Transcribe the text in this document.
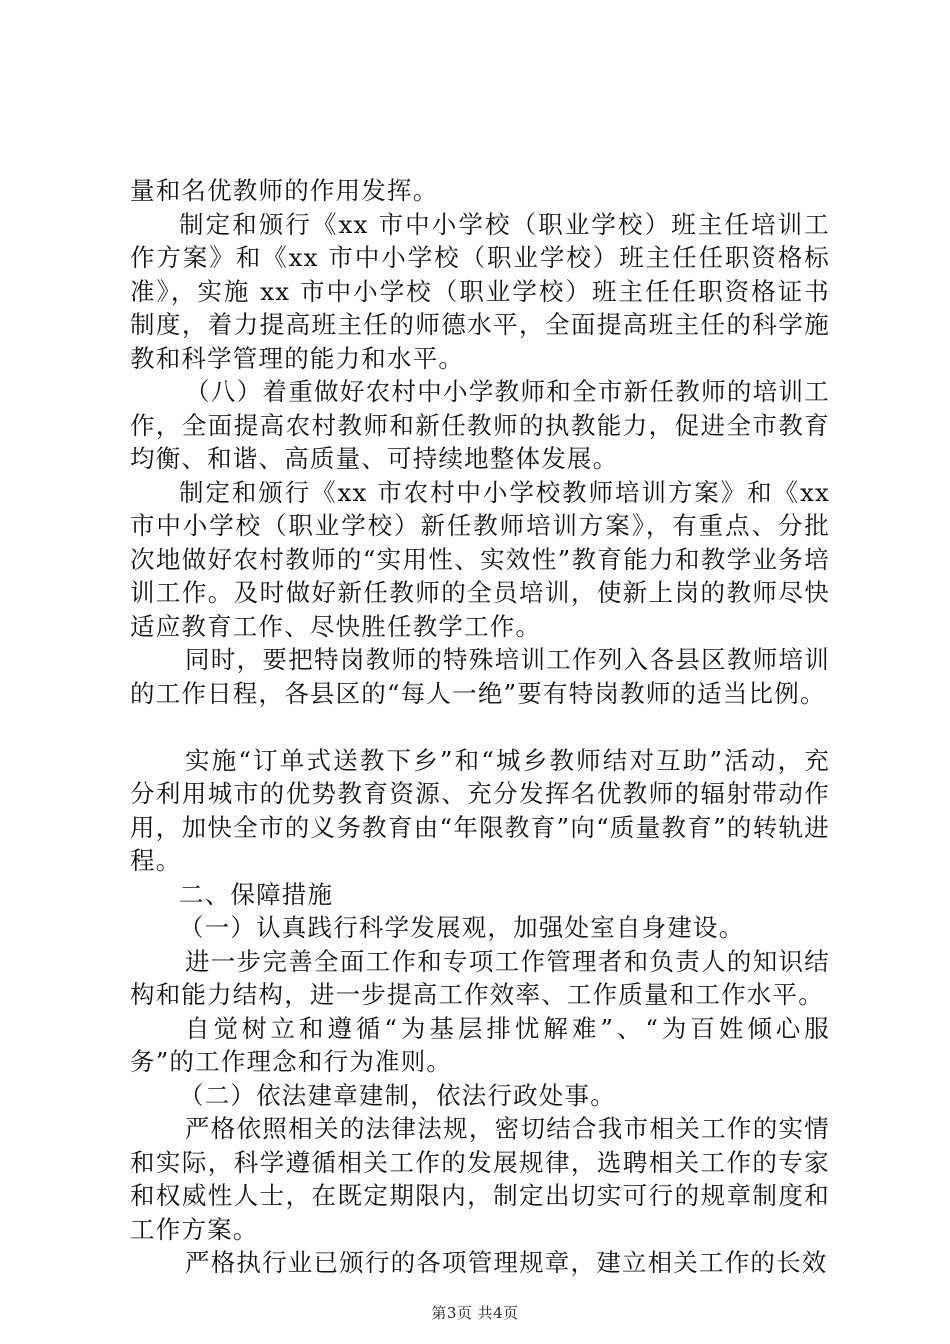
量和名优教师的作用发挥。

制定和颁行《xx 市中小学校（职业学校）班主任培训工作方案》和《xx 市中小学校（职业学校）班主任任职资格标准》，实施 xx 市中小学校（职业学校）班主任任职资格证书制度，着力提高班主任的师德水平，全面提高班主任的科学施教和科学管理的能力和水平。

（八）着重做好农村中小学教师和全市新任教师的培训工作，全面提高农村教师和新任教师的执教能力，促进全市教育均衡、和谐、高质量、可持续地整体发展。

制定和颁行《xx 市农村中小学校教师培训方案》和《xx 市中小学校（职业学校）新任教师培训方案》，有重点、分批次地做好农村教师的“实用性、实效性”教育能力和教学业务培训工作。及时做好新任教师的全员培训，使新上岗的教师尽快适应教育工作、尽快胜任教学工作。

同时，要把特岗教师的特殊培训工作列入各县区教师培训的工作日程，各县区的“每人一绝”要有特岗教师的适当比例。

实施“订单式送教下乡”和“城乡教师结对互助”活动，充分利用城市的优势教育资源、充分发挥名优教师的辐射带动作用，加快全市的义务教育由“年限教育”向“质量教育”的转轨进程。

二、保障措施

（一）认真践行科学发展观，加强处室自身建设。

进一步完善全面工作和专项工作管理者和负责人的知识结构和能力结构，进一步提高工作效率、工作质量和工作水平。

自觉树立和遵循“为基层排忧解难”、“为百姓倾心服务”的工作理念和行为准则。

（二）依法建章建制，依法行政处事。

严格依照相关的法律法规，密切结合我市相关工作的实情和实际，科学遵循相关工作的发展规律，选聘相关工作的专家和权威性人士，在既定期限内，制定出切实可行的规章制度和工作方案。

严格执行业已颁行的各项管理规章，建立相关工作的长效

第3页 共4页
